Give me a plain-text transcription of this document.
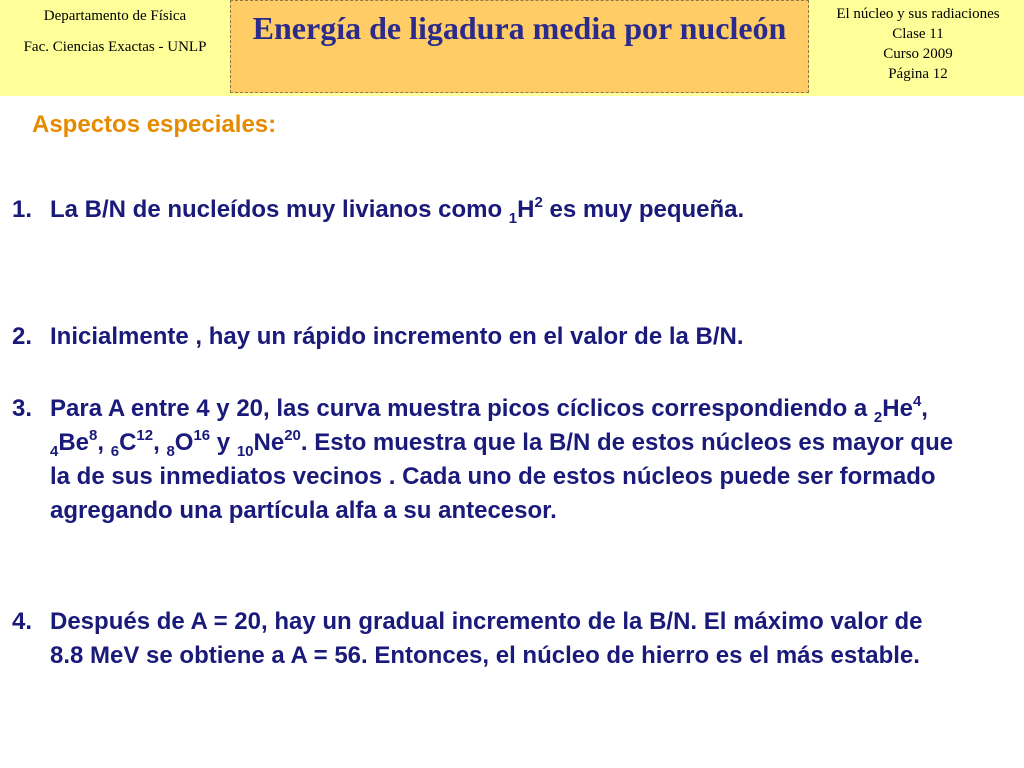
Departamento de Física
Fac. Ciencias Exactas - UNLP
Energía de ligadura media por nucleón	El núcleo y sus radiaciones
Clase 11
Curso 2009
Página 12
Aspectos especiales:
1. La B/N de nucleídos muy livianos como $_1H^2$ es muy pequeña.
2. Inicialmente , hay un rápido incremento en el valor de la B/N.
3. Para A entre 4 y 20, las curva muestra picos cíclicos correspondiendo a $_2He^4$, $_4Be^8$, $_6C^{12}$, $_8O^{16}$ y $_{10}Ne^{20}$. Esto muestra que la B/N de estos núcleos es mayor que la de sus inmediatos vecinos . Cada uno de estos núcleos puede ser formado agregando una partícula alfa a su antecesor.
4. Después de A = 20, hay un gradual incremento de la B/N. El máximo valor de 8.8 MeV se obtiene a A = 56. Entonces, el núcleo de hierro es el más estable.
